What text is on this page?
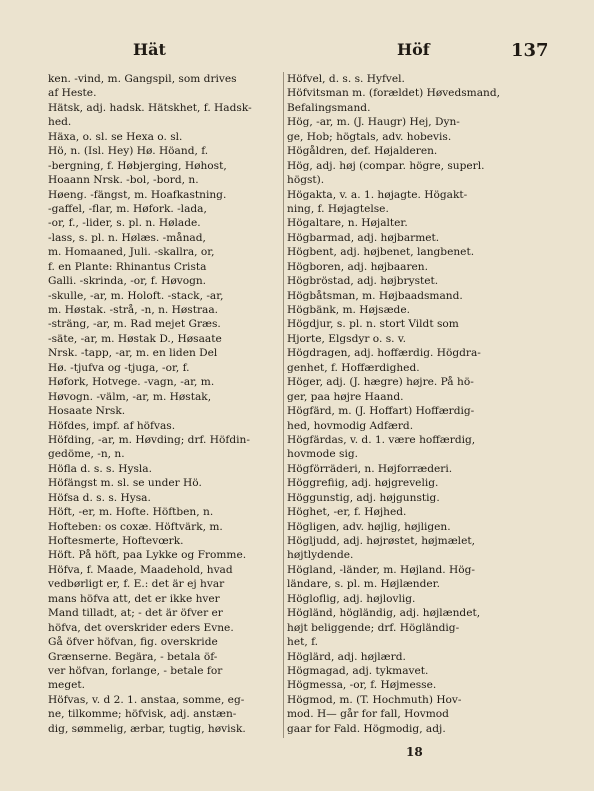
Hät	Höf	137
ken. -vind, m. Gangspil, som drives
af Heste.
Hätsk, adj. hadsk. Hätskhet, f. Hadsk-
hed.
Häxa, o. sl. se Hexa o. sl.
Hö, n. (Isl. Hey) Hø. Höand, f.
-bergning, f. Høbjerging, Høhost,
Hoaann Nrsk. -bol, -bord, n.
Høeng. -fängst, m. Hoafkastning.
-gaffel, -flar, m. Høfork. -lada,
-or, f., -lider, s. pl. n. Hølade.
-lass, s. pl. n. Hølæs. -månad,
m. Homaaned, Juli. -skallra, or,
f. en Plante: Rhinantus Crista
Galli. -skrinda, -or, f. Høvogn.
-skulle, -ar, m. Holoft. -stack, -ar,
m. Høstak. -strå, -n, n. Høstraa.
-sträng, -ar, m. Rad mejet Græs.
-säte, -ar, m. Høstak D., Høsaate
Nrsk. -tapp, -ar, m. en liden Del
Hø. -tjufva og -tjuga, -or, f.
Høfork, Hotvege. -vagn, -ar, m.
Høvogn. -välm, -ar, m. Høstak,
Hosaate Nrsk.
Höfdes, impf. af höfvas.
Höfding, -ar, m. Høvding; drf. Höfdin-
gedöme, -n, n.
Höfla d. s. s. Hysla.
Höfängst m. sl. se under Hö.
Höfsa d. s. s. Hysa.
Höft, -er, m. Hofte. Höftben, n.
Hofteben: os coxæ. Höftvärk, m.
Hoftesmerte, Hoftevœrk.
Höft. På höft, paa Lykke og Fromme.
Höfva, f. Maade, Maadehold, hvad
vedbørligt er, f. E.: det är ej hvar
mans höfva att, det er ikke hver
Mand tilladt, at; - det är öfver er
höfva, det overskrider eders Evne.
Gå öfver höfvan, fig. overskride
Grænserne. Begära, - betala öf-
ver höfvan, forlange, - betale for
meget.
Höfvas, v. d 2. 1. anstaa, somme, eg-
ne, tilkomme; höfvisk, adj. anstæn-
dig, sømmelig, ærbar, tugtig, høvisk.
Höfvel, d. s. s. Hyfvel.
Höfvitsman m. (forældet) Høvedsmand,
Befalingsmand.
Hög, -ar, m. (J. Haugr) Hej, Dyn-
ge, Hob; högtals, adv. hobevis.
Högåldren, def. Højalderen.
Hög, adj. høj (compar. högre, superl.
högst).
Högakta, v. a. 1. højagte. Högakt-
ning, f. Højagtelse.
Högaltare, n. Højalter.
Högbarmad, adj. højbarmet.
Högbent, adj. højbenet, langbenet.
Högboren, adj. højbaaren.
Högbröstad, adj. højbrystet.
Högbåtsman, m. Højbaadsmand.
Högbänk, m. Højsæde.
Högdjur, s. pl. n. stort Vildt som
Hjorte, Elgsdyr o. s. v.
Högdragen, adj. hoffærdig. Högdra-
genhet, f. Hoffærdighed.
Höger, adj. (J. hægre) højre. På hö-
ger, paa højre Haand.
Högfärd, m. (J. Hoffart) Hoffærdig-
hed, hovmodig Adfærd.
Högfärdas, v. d. 1. være hoffærdig,
hovmode sig.
Högförräderi, n. Højforræderi.
Höggrefiig, adj. højgrevelig.
Höggunstig, adj. højgunstig.
Höghet, -er, f. Højhed.
Högligen, adv. højlig, højligen.
Högljudd, adj. højrøstet, højmælet,
højtlydende.
Högland, -länder, m. Højland. Hög-
ländare, s. pl. m. Højlænder.
Högloflig, adj. højlovlig.
Högländ, högländig, adj. højlændet,
højt beliggende; drf. Högländig-
het, f.
Höglärd, adj. højlærd.
Högmagad, adj. tykmavet.
Högmessa, -or, f. Højmesse.
Högmod, m. (T. Hochmuth) Hov-
mod. H— går for fall, Hovmod
gaar for Fald. Högmodig, adj.
18
